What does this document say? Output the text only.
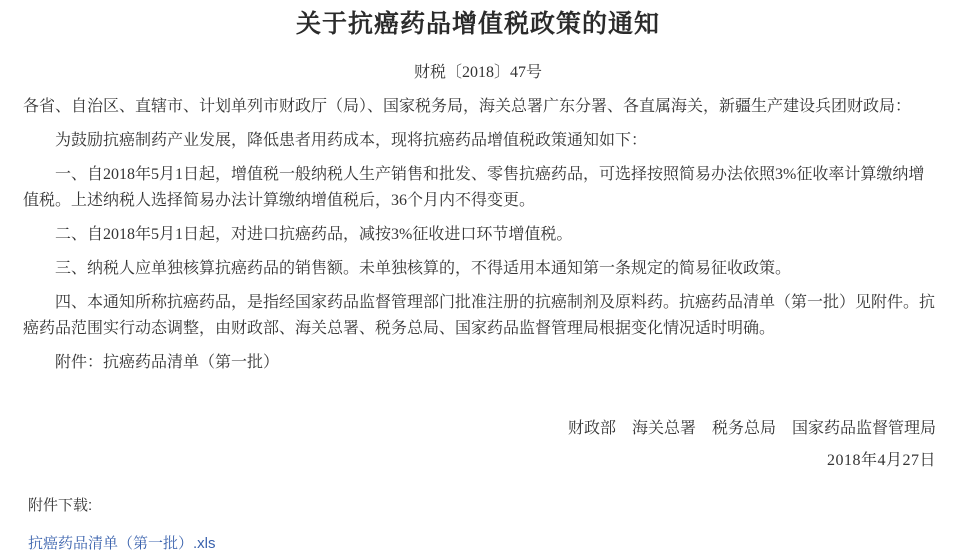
关于抗癌药品增值税政策的通知
财税〔2018〕47号

各省、自治区、直辖市、计划单列市财政厅（局）、国家税务局，海关总署广东分署、各直属海关，新疆生产建设兵团财政局：

为鼓励抗癌制药产业发展，降低患者用药成本，现将抗癌药品增值税政策通知如下：

一、自2018年5月1日起，增值税一般纳税人生产销售和批发、零售抗癌药品，可选择按照简易办法依照3%征收率计算缴纳增值税。上述纳税人选择简易办法计算缴纳增值税后，36个月内不得变更。

二、自2018年5月1日起，对进口抗癌药品，减按3%征收进口环节增值税。

三、纳税人应单独核算抗癌药品的销售额。未单独核算的，不得适用本通知第一条规定的简易征收政策。

四、本通知所称抗癌药品，是指经国家药品监督管理部门批准注册的抗癌制剂及原料药。抗癌药品清单（第一批）见附件。抗癌药品范围实行动态调整，由财政部、海关总署、税务总局、国家药品监督管理局根据变化情况适时明确。

附件：抗癌药品清单（第一批）

财政部　海关总署　税务总局　国家药品监督管理局

2018年4月27日

附件下载:

抗癌药品清单（第一批）.xls
